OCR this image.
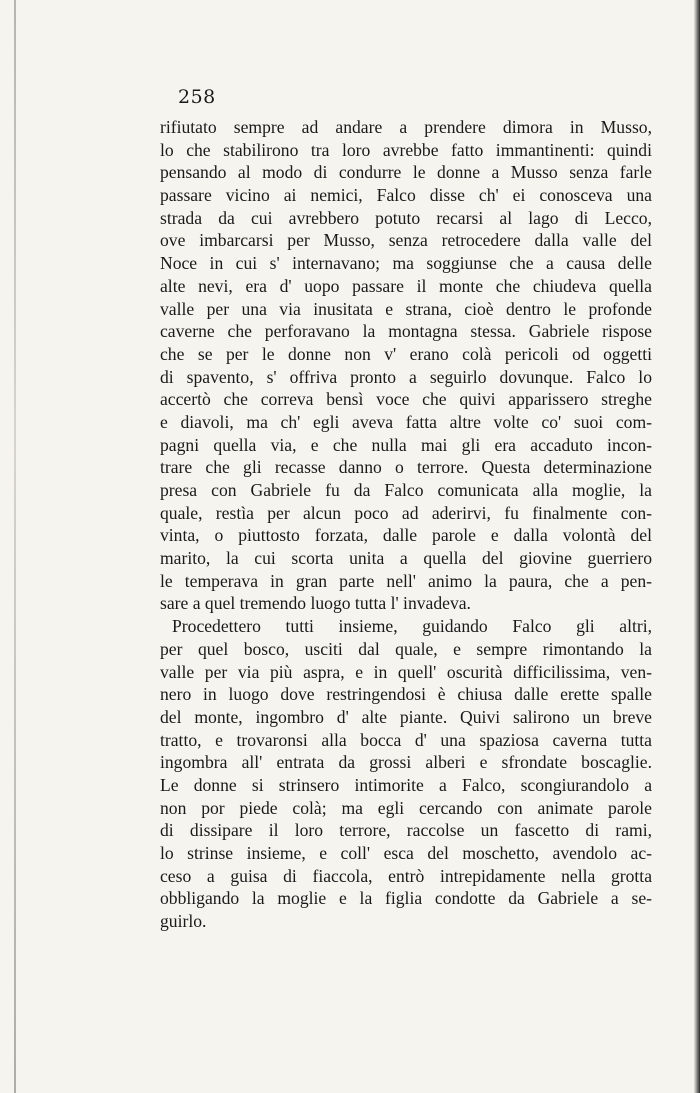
258
rifiutato sempre ad andare a prendere dimora in Musso,
lo che stabilirono tra loro avrebbe fatto immantinenti: quindi
pensando al modo di condurre le donne a Musso senza farle
passare vicino ai nemici, Falco disse ch' ei conosceva una
strada da cui avrebbero potuto recarsi al lago di Lecco,
ove imbarcarsi per Musso, senza retrocedere dalla valle del
Noce in cui s' internavano; ma soggiunse che a causa delle
alte nevi, era d' uopo passare il monte che chiudeva quella
valle per una via inusitata e strana, cioè dentro le profonde
caverne che perforavano la montagna stessa. Gabriele rispose
che se per le donne non v' erano colà pericoli od oggetti
di spavento, s' offriva pronto a seguirlo dovunque. Falco lo
accertò che correva bensì voce che quivi apparissero streghe
e diavoli, ma ch' egli aveva fatta altre volte co' suoi com-
pagni quella via, e che nulla mai gli era accaduto incon-
trare che gli recasse danno o terrore. Questa determinazione
presa con Gabriele fu da Falco comunicata alla moglie, la
quale, restìa per alcun poco ad aderirvi, fu finalmente con-
vinta, o piuttosto forzata, dalle parole e dalla volontà del
marito, la cui scorta unita a quella del giovine guerriero
le temperava in gran parte nell' animo la paura, che a pen-
sare a quel tremendo luogo tutta l' invadeva.
Procedettero tutti insieme, guidando Falco gli altri,
per quel bosco, usciti dal quale, e sempre rimontando la
valle per via più aspra, e in quell' oscurità difficilissima, ven-
nero in luogo dove restringendosi è chiusa dalle erette spalle
del monte, ingombro d' alte piante. Quivi salirono un breve
tratto, e trovaronsi alla bocca d' una spaziosa caverna tutta
ingombra all' entrata da grossi alberi e sfrondate boscaglie.
Le donne si strinsero intimorite a Falco, scongiurandolo a
non por piede colà; ma egli cercando con animate parole
di dissipare il loro terrore, raccolse un fascetto di rami,
lo strinse insieme, e coll' esca del moschetto, avendolo ac-
ceso a guisa di fiaccola, entrò intrepidamente nella grotta
obbligando la moglie e la figlia condotte da Gabriele a se-
guirlo.
